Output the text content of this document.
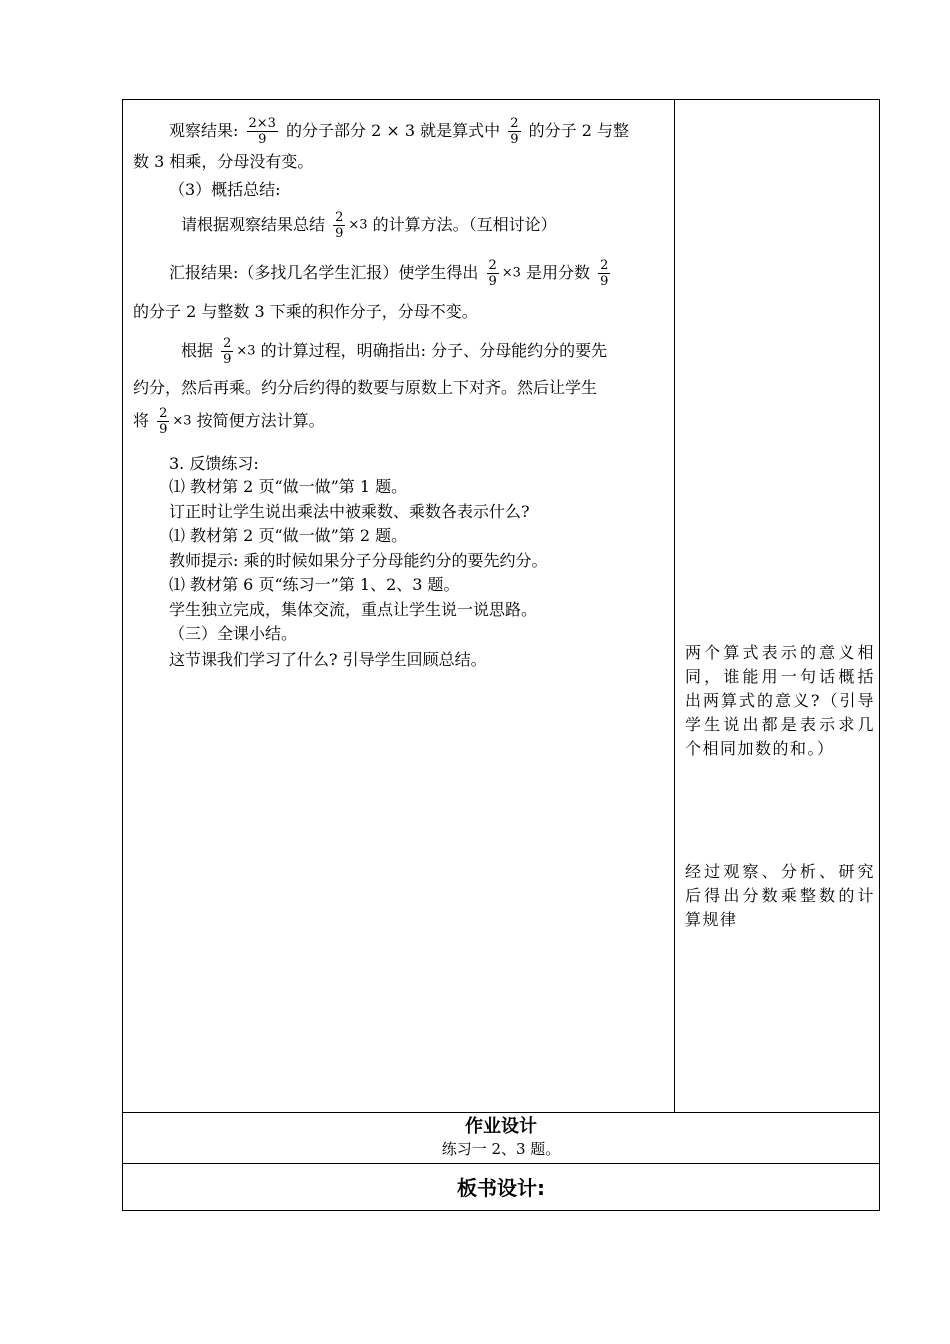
观察结果: $\frac{2\times 3}{9}$ 的分子部分 2 × 3 就是算式中 $\frac{2}{9}$ 的分子 2 与整
数 3 相乘，分母没有变。
（3）概括总结:
请根据观察结果总结 $\frac{2}{9} \times 3$ 的计算方法。（互相讨论）
汇报结果:（多找几名学生汇报）使学生得出 $\frac{2}{9} \times 3$ 是用分数 $\frac{2}{9}$
的分子 2 与整数 3 下乘的积作分子，分母不变。
根据 $\frac{2}{9} \times 3$ 的计算过程，明确指出: 分子、分母能约分的要先
约分，然后再乘。约分后约得的数要与原数上下对齐。然后让学生
将 $\frac{2}{9} \times 3$ 按简便方法计算。
3. 反馈练习:
⑴ 教材第 2 页“做一做”第 1 题。
订正时让学生说出乘法中被乘数、乘数各表示什么?
⑴ 教材第 2 页“做一做”第 2 题。
教师提示: 乘的时候如果分子分母能约分的要先约分。
⑴ 教材第 6 页“练习一”第 1、2、3 题。
学生独立完成，集体交流，重点让学生说一说思路。
（三）全课小结。
这节课我们学习了什么? 引导学生回顾总结。	两个算式表示的意义相同，谁能用一句话概括出两算式的意义?（引导学生说出都是表示求几个相同加数的和。）
经过观察、分析、研究后得出分数乘整数的计算规律
作业设计
练习一 2、3 题。
板书设计:
